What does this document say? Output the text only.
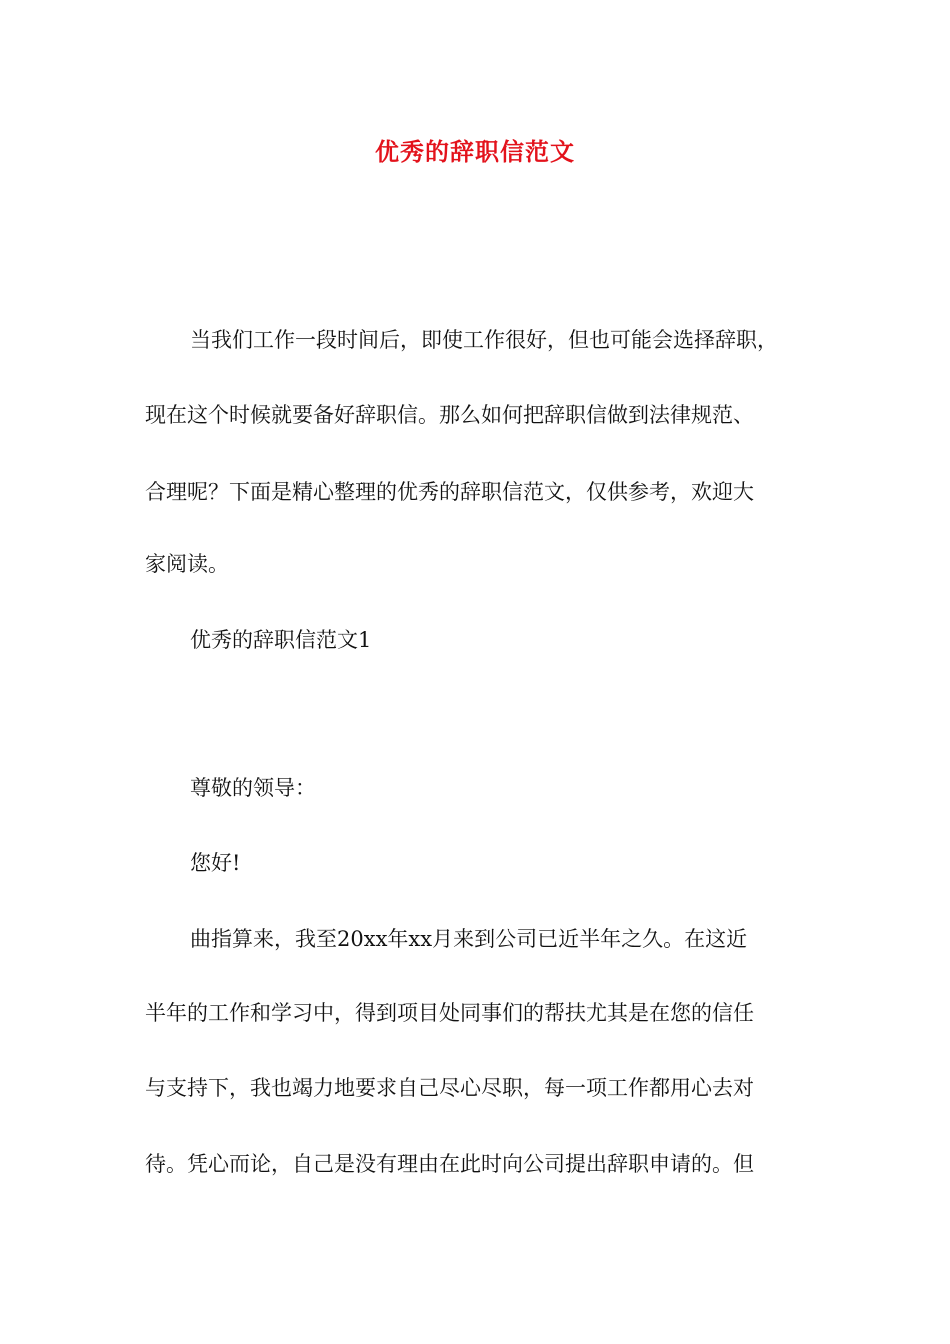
优秀的辞职信范文
当我们工作一段时间后，即使工作很好，但也可能会选择辞职，
现在这个时候就要备好辞职信。那么如何把辞职信做到法律规范、
合理呢？下面是精心整理的优秀的辞职信范文，仅供参考，欢迎大
家阅读。
优秀的辞职信范文1
尊敬的领导：
您好!
曲指算来，我至20xx年xx月来到公司已近半年之久。在这近
半年的工作和学习中，得到项目处同事们的帮扶尤其是在您的信任
与支持下，我也竭力地要求自己尽心尽职，每一项工作都用心去对
待。凭心而论，自己是没有理由在此时向公司提出辞职申请的。但
